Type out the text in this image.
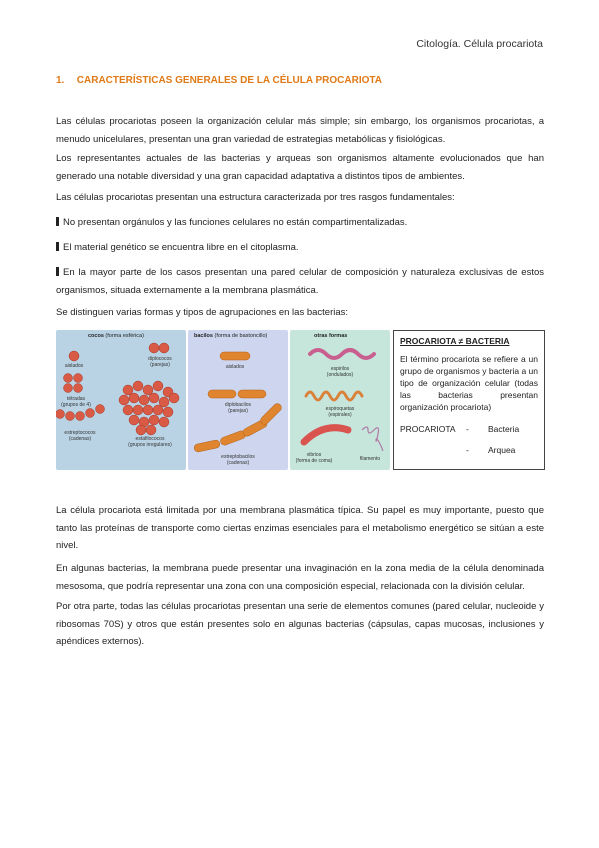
Citología. Célula procariota
1. CARACTERÍSTICAS GENERALES DE LA CÉLULA PROCARIOTA
Las células procariotas poseen la organización celular más simple; sin embargo, los organismos procariotas, a menudo unicelulares, presentan una gran variedad de estrategias metabólicas y fisiológicas.
Los representantes actuales de las bacterias y arqueas son organismos altamente evolucionados que han generado una notable diversidad y una gran capacidad adaptativa a distintos tipos de ambientes.
Las células procariotas presentan una estructura caracterizada por tres rasgos fundamentales:
No presentan orgánulos y las funciones celulares no están compartimentalizadas.
El material genético se encuentra libre en el citoplasma.
En la mayor parte de los casos presentan una pared celular de composición y naturaleza exclusivas de estos organismos, situada externamente a la membrana plasmática.
Se distinguen varias formas y tipos de agrupaciones en las bacterias:
cocos (forma esférica)
aislados
diplococos
(parejas)
tétradas
(grupos de 4)
estreptococos
(cadenas)	estafilococos
(grupos irregulares)
bacilos (forma de bastoncillo)
aislados
diplobacilos
(parejas)
estreptobacilos
(cadenas)
otras formas
espirilos
(ondulados)
espiroquetas
(espirales)
vibrios
(forma de coma)	filamento
PROCARIOTA ≠ BACTERIA
El término procariota se refiere a un grupo de organismos y bacteria a un tipo de organización celular (todas las bacterias presentan organización procariota)
PROCARIOTA	-	Bacteria
-	Arquea
La célula procariota está limitada por una membrana plasmática típica. Su papel es muy importante, puesto que tanto las proteínas de transporte como ciertas enzimas esenciales para el metabolismo energético se sitúan a este nivel.
En algunas bacterias, la membrana puede presentar una invaginación en la zona media de la célula denominada mesosoma, que podría representar una zona con una composición especial, relacionada con la división celular.
Por otra parte, todas las células procariotas presentan una serie de elementos comunes (pared celular, nucleoide y ribosomas 70S) y otros que están presentes solo en algunas bacterias (cápsulas, capas mucosas, inclusiones y apéndices externos).
